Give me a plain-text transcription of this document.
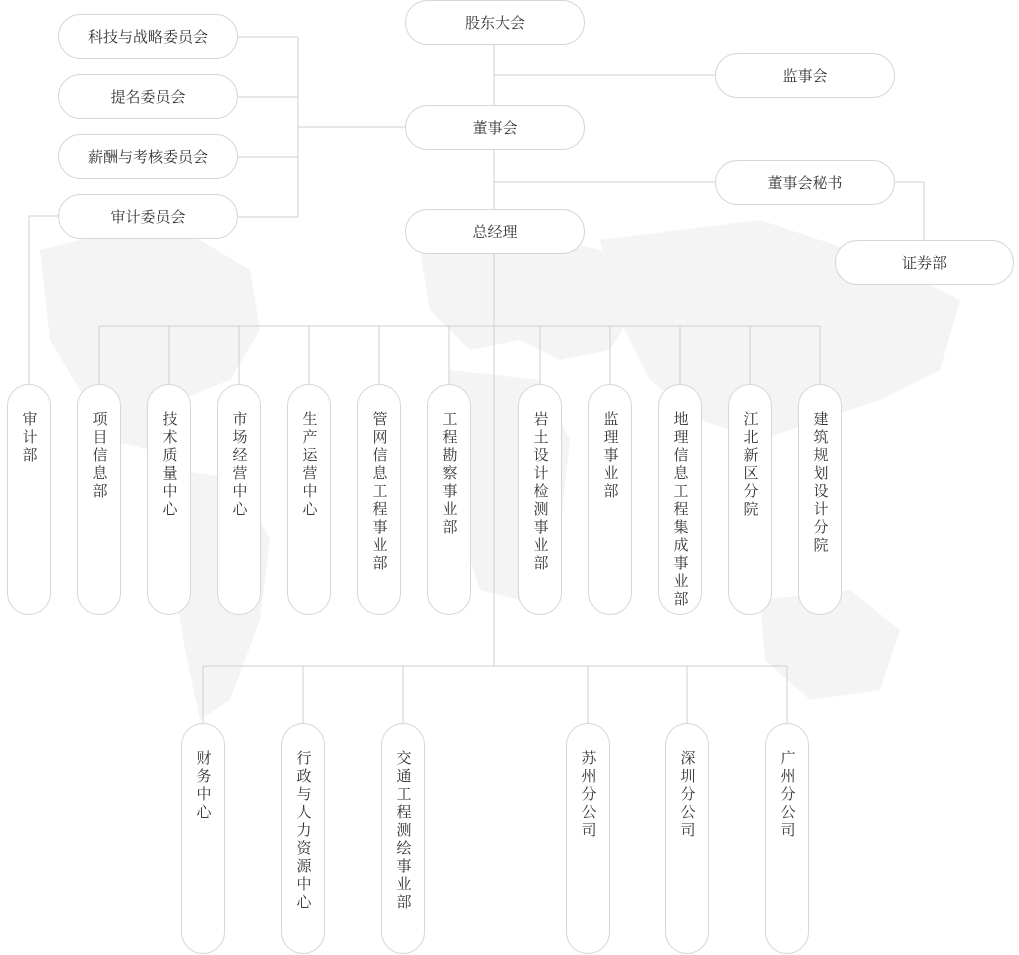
股东大会
监事会
董事会
董事会秘书
证券部
总经理
科技与战略委员会
提名委员会
薪酬与考核委员会
审计委员会
审计部	项目信息部	技术质量中心	市场经营中心	生产运营中心	管网信息工程事业部	工程勘察事业部	岩土设计检测事业部	监理事业部	地理信息工程集成事业部	江北新区分院	建筑规划设计分院
财务中心	行政与人力资源中心	交通工程测绘事业部	苏州分公司	深圳分公司	广州分公司
